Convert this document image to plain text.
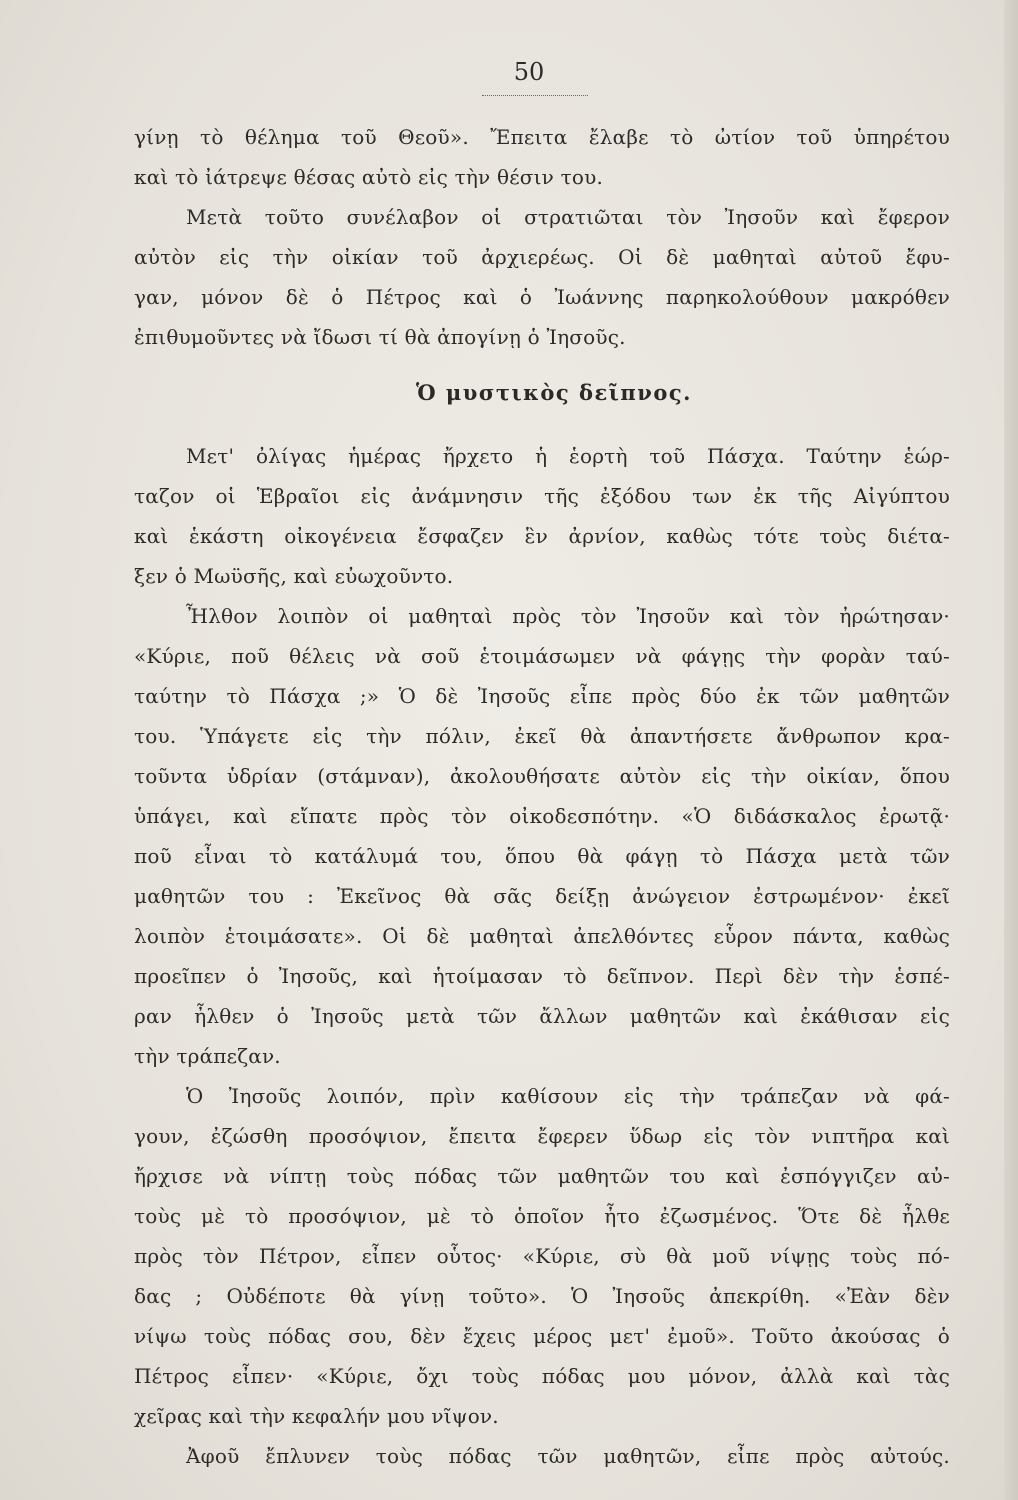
50
γίνῃ τὸ θέλημα τοῦ Θεοῦ». Ἔπειτα ἔλαβε τὸ ὠτίον τοῦ ὑπηρέτου
καὶ τὸ ἰάτρεψε θέσας αὐτὸ εἰς τὴν θέσιν του.
Μετὰ τοῦτο συνέλαβον οἱ στρατιῶται τὸν Ἰησοῦν καὶ ἔφερον
αὐτὸν εἰς τὴν οἰκίαν τοῦ ἀρχιερέως. Οἱ δὲ μαθηταὶ αὐτοῦ ἔφυ-
γαν, μόνον δὲ ὁ Πέτρος καὶ ὁ Ἰωάννης παρηκολούθουν μακρόθεν
ἐπιθυμοῦντες νὰ ἴδωσι τί θὰ ἀπογίνῃ ὁ Ἰησοῦς.
Ὁ μυστικὸς δεῖπνος.
Μετ' ὀλίγας ἡμέρας ἤρχετο ἡ ἑορτὴ τοῦ Πάσχα. Ταύτην ἑώρ-
ταζον οἱ Ἑβραῖοι εἰς ἀνάμνησιν τῆς ἐξόδου των ἐκ τῆς Αἰγύπτου
καὶ ἑκάστη οἰκογένεια ἔσφαζεν ἓν ἀρνίον, καθὼς τότε τοὺς διέτα-
ξεν ὁ Μωϋσῆς, καὶ εὐωχοῦντο.
Ἦλθον λοιπὸν οἱ μαθηταὶ πρὸς τὸν Ἰησοῦν καὶ τὸν ἠρώτησαν·
«Κύριε, ποῦ θέλεις νὰ σοῦ ἑτοιμάσωμεν νὰ φάγῃς τὴν φορὰν ταύ-
ταύτην τὸ Πάσχα ;» Ὁ δὲ Ἰησοῦς εἶπε πρὸς δύο ἐκ τῶν μαθητῶν
του. Ὑπάγετε εἰς τὴν πόλιν, ἐκεῖ θὰ ἀπαντήσετε ἄνθρωπον κρα-
τοῦντα ὑδρίαν (στάμναν), ἀκολουθήσατε αὐτὸν εἰς τὴν οἰκίαν, ὅπου
ὑπάγει, καὶ εἴπατε πρὸς τὸν οἰκοδεσπότην. «Ὁ διδάσκαλος ἐρωτᾷ·
ποῦ εἶναι τὸ κατάλυμά του, ὅπου θὰ φάγῃ τὸ Πάσχα μετὰ τῶν
μαθητῶν του : Ἐκεῖνος θὰ σᾶς δείξῃ ἀνώγειον ἐστρωμένον· ἐκεῖ
λοιπὸν ἑτοιμάσατε». Οἱ δὲ μαθηταὶ ἀπελθόντες εὗρον πάντα, καθὼς
προεῖπεν ὁ Ἰησοῦς, καὶ ἡτοίμασαν τὸ δεῖπνον. Περὶ δὲν τὴν ἑσπέ-
ραν ἦλθεν ὁ Ἰησοῦς μετὰ τῶν ἄλλων μαθητῶν καὶ ἐκάθισαν εἰς
τὴν τράπεζαν.
Ὁ Ἰησοῦς λοιπόν, πρὶν καθίσουν εἰς τὴν τράπεζαν νὰ φά-
γουν, ἐζώσθη προσόψιον, ἔπειτα ἔφερεν ὕδωρ εἰς τὸν νιπτῆρα καὶ
ἤρχισε νὰ νίπτῃ τοὺς πόδας τῶν μαθητῶν του καὶ ἐσπόγγιζεν αὐ-
τοὺς μὲ τὸ προσόψιον, μὲ τὸ ὁποῖον ἦτο ἐζωσμένος. Ὅτε δὲ ἦλθε
πρὸς τὸν Πέτρον, εἶπεν οὗτος· «Κύριε, σὺ θὰ μοῦ νίψῃς τοὺς πό-
δας ; Οὐδέποτε θὰ γίνῃ τοῦτο». Ὁ Ἰησοῦς ἀπεκρίθη. «Ἐὰν δὲν
νίψω τοὺς πόδας σου, δὲν ἔχεις μέρος μετ' ἐμοῦ». Τοῦτο ἀκούσας ὁ
Πέτρος εἶπεν· «Κύριε, ὄχι τοὺς πόδας μου μόνον, ἀλλὰ καὶ τὰς
χεῖρας καὶ τὴν κεφαλήν μου νῖψον.
Ἀφοῦ ἔπλυνεν τοὺς πόδας τῶν μαθητῶν, εἶπε πρὸς αὐτούς.
